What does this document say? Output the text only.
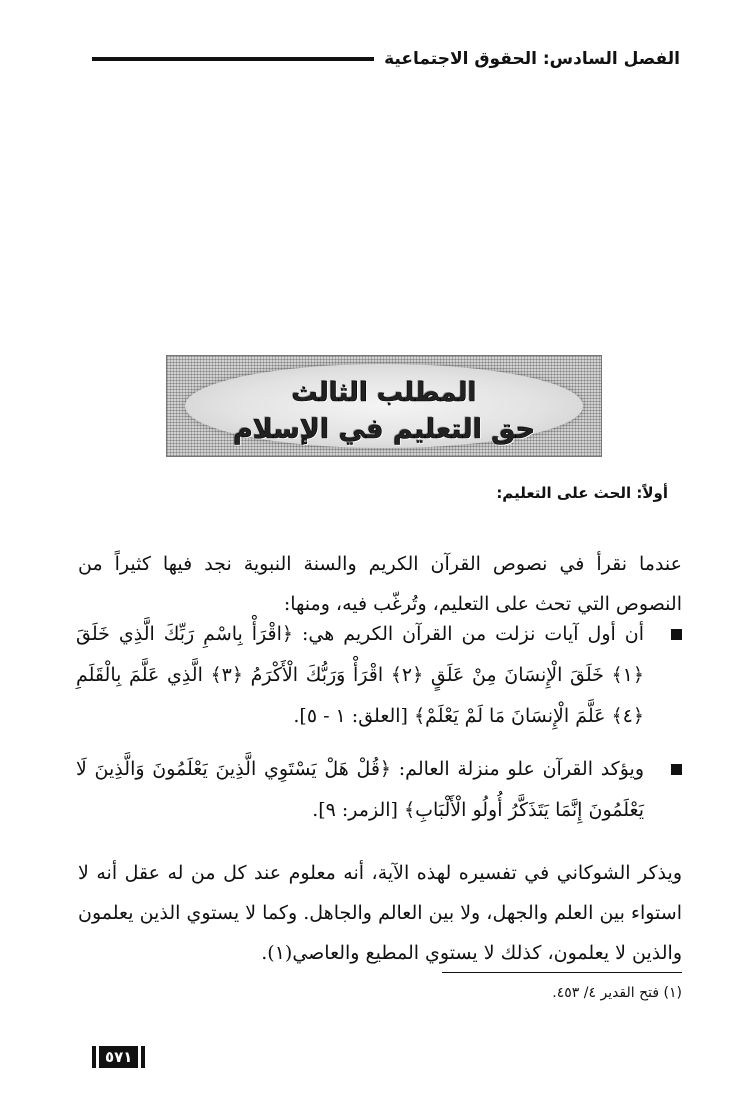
الفصل السادس: الحقوق الاجتماعية
المطلب الثالث
حق التعليم في الإسلام
أولاً: الحث على التعليم:

عندما نقرأ في نصوص القرآن الكريم والسنة النبوية نجد فيها كثيراً من النصوص التي تحث على التعليم، وتُرغّب فيه، ومنها:

أن أول آيات نزلت من القرآن الكريم هي: ﴿اقْرَأْ بِاسْمِ رَبِّكَ الَّذِي خَلَقَ ﴿١﴾ خَلَقَ الْإِنسَانَ مِنْ عَلَقٍ ﴿٢﴾ اقْرَأْ وَرَبُّكَ الْأَكْرَمُ ﴿٣﴾ الَّذِي عَلَّمَ بِالْقَلَمِ ﴿٤﴾ عَلَّمَ الْإِنسَانَ مَا لَمْ يَعْلَمْ﴾ [العلق: ١ - ٥].
ويؤكد القرآن علو منزلة العالم: ﴿قُلْ هَلْ يَسْتَوِي الَّذِينَ يَعْلَمُونَ وَالَّذِينَ لَا يَعْلَمُونَ إِنَّمَا يَتَذَكَّرُ أُولُو الْأَلْبَابِ﴾ [الزمر: ٩].

ويذكر الشوكاني في تفسيره لهذه الآية، أنه معلوم عند كل من له عقل أنه لا استواء بين العلم والجهل، ولا بين العالم والجاهل. وكما لا يستوي الذين يعلمون والذين لا يعلمون، كذلك لا يستوي المطيع والعاصي(١).

(١) فتح القدير ٤/ ٤٥٣.
٥٧١
